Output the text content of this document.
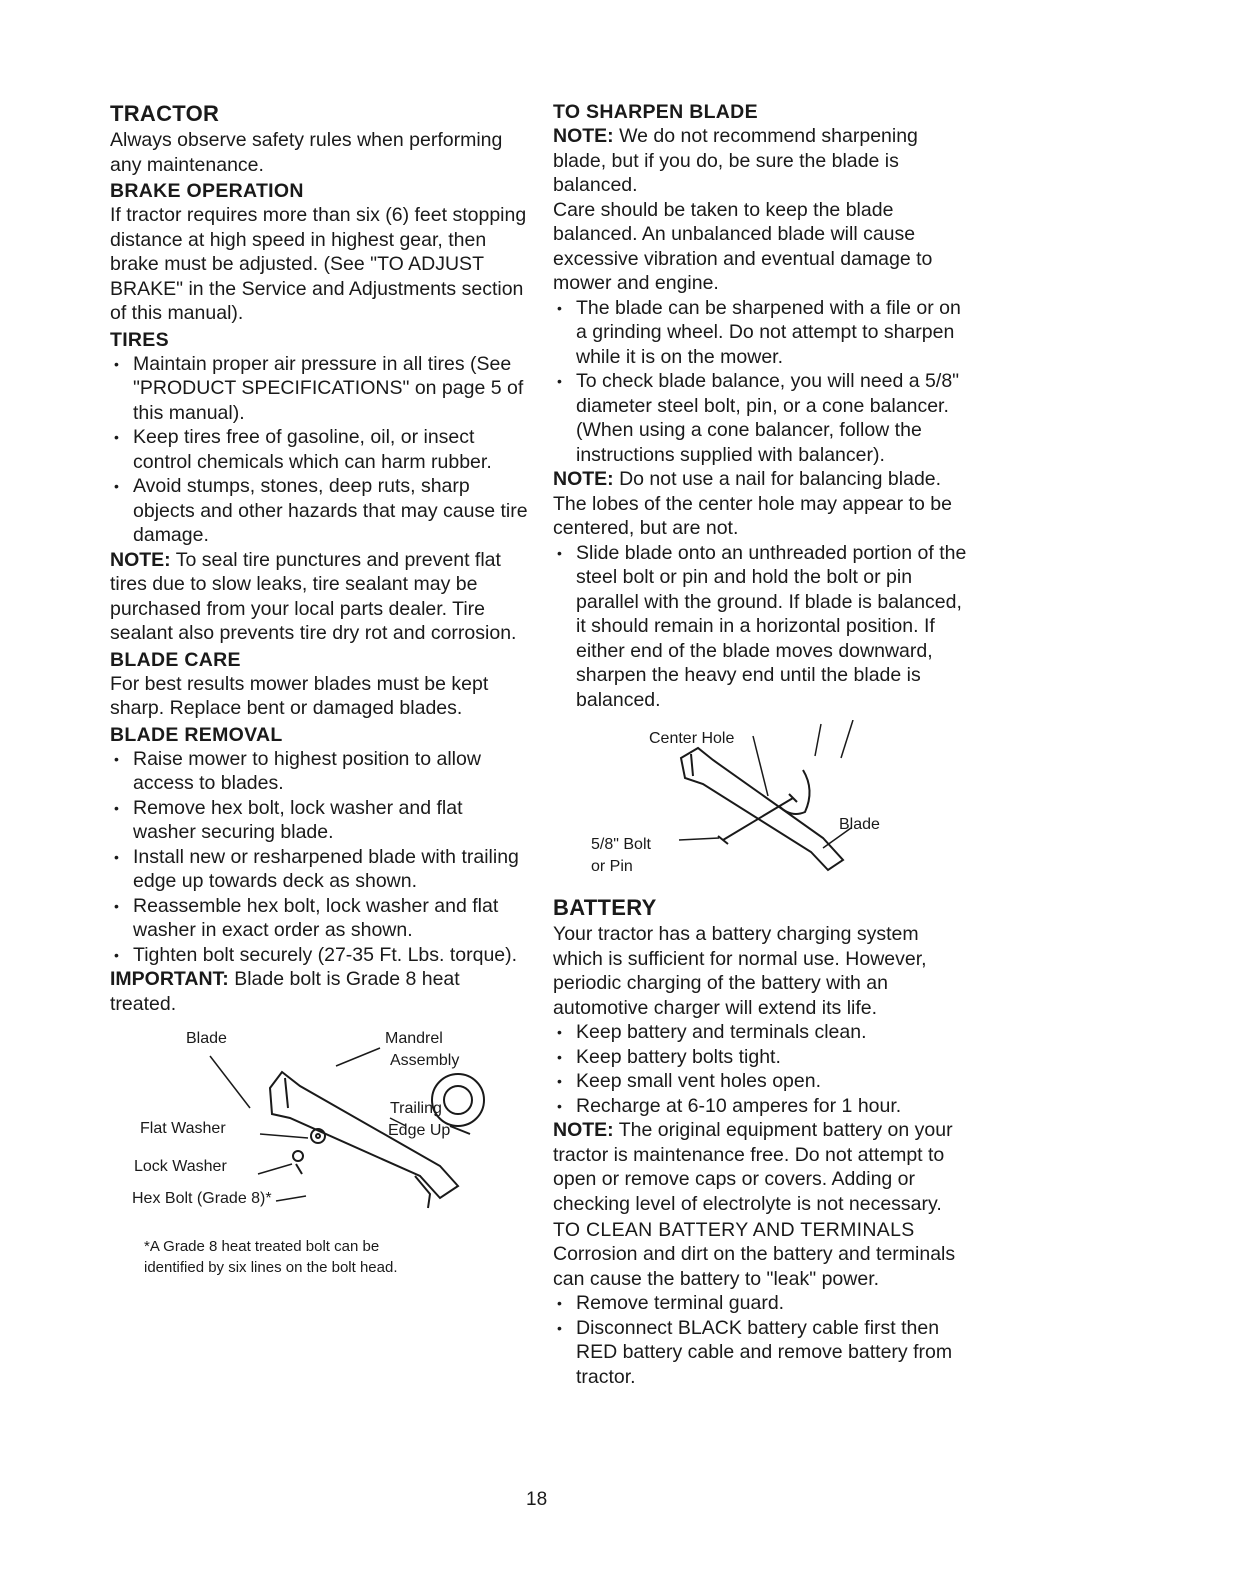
TRACTOR

Always observe safety rules when performing any maintenance.

BRAKE OPERATION

If tractor requires more than six (6) feet stopping distance at high speed in highest gear, then brake must be adjusted. (See "TO ADJUST BRAKE" in the Service and Adjustments section of this manual).

TIRES
• Maintain proper air pressure in all tires (See "PRODUCT SPECIFICATIONS" on page 5 of this manual).
• Keep tires free of gasoline, oil, or insect control chemicals which can harm rubber.
• Avoid stumps, stones, deep ruts, sharp objects and other hazards that may cause tire damage.

NOTE: To seal tire punctures and prevent flat tires due to slow leaks, tire sealant may be purchased from your local parts dealer. Tire sealant also prevents tire dry rot and corrosion.

BLADE CARE

For best results mower blades must be kept sharp. Replace bent or damaged blades.

BLADE REMOVAL
• Raise mower to highest position to allow access to blades.
• Remove hex bolt, lock washer and flat washer securing blade.
• Install new or resharpened blade with trailing edge up towards deck as shown.
• Reassemble hex bolt, lock washer and flat washer in exact order as shown.
• Tighten bolt securely (27-35 Ft. Lbs. torque).

IMPORTANT: Blade bolt is Grade 8 heat treated.

Blade	Mandrel
Assembly
Trailing
Edge Up
Flat Washer
Lock Washer
Hex Bolt (Grade 8)*
*A Grade 8 heat treated bolt can be
identified by six lines on the bolt head.
TO SHARPEN BLADE

NOTE: We do not recommend sharpening blade, but if you do, be sure the blade is balanced.

Care should be taken to keep the blade balanced. An unbalanced blade will cause excessive vibration and eventual damage to mower and engine.

• The blade can be sharpened with a file or on a grinding wheel. Do not attempt to sharpen while it is on the mower.
• To check blade balance, you will need a 5/8" diameter steel bolt, pin, or a cone balancer. (When using a cone balancer, follow the instructions supplied with balancer).

NOTE: Do not use a nail for balancing blade. The lobes of the center hole may appear to be centered, but are not.

• Slide blade onto an unthreaded portion of the steel bolt or pin and hold the bolt or pin parallel with the ground. If blade is balanced, it should remain in a horizontal position. If either end of the blade moves downward, sharpen the heavy end until the blade is balanced.
Center Hole
Blade
5/8" Bolt
or Pin
BATTERY

Your tractor has a battery charging system which is sufficient for normal use. However, periodic charging of the battery with an automotive charger will extend its life.

• Keep battery and terminals clean.
• Keep battery bolts tight.
• Keep small vent holes open.
• Recharge at 6-10 amperes for 1 hour.

NOTE: The original equipment battery on your tractor is maintenance free. Do not attempt to open or remove caps or covers. Adding or checking level of electrolyte is not necessary.

TO CLEAN BATTERY AND TERMINALS

Corrosion and dirt on the battery and terminals can cause the battery to "leak" power.

• Remove terminal guard.
• Disconnect BLACK battery cable first then RED battery cable and remove battery from tractor.
18
